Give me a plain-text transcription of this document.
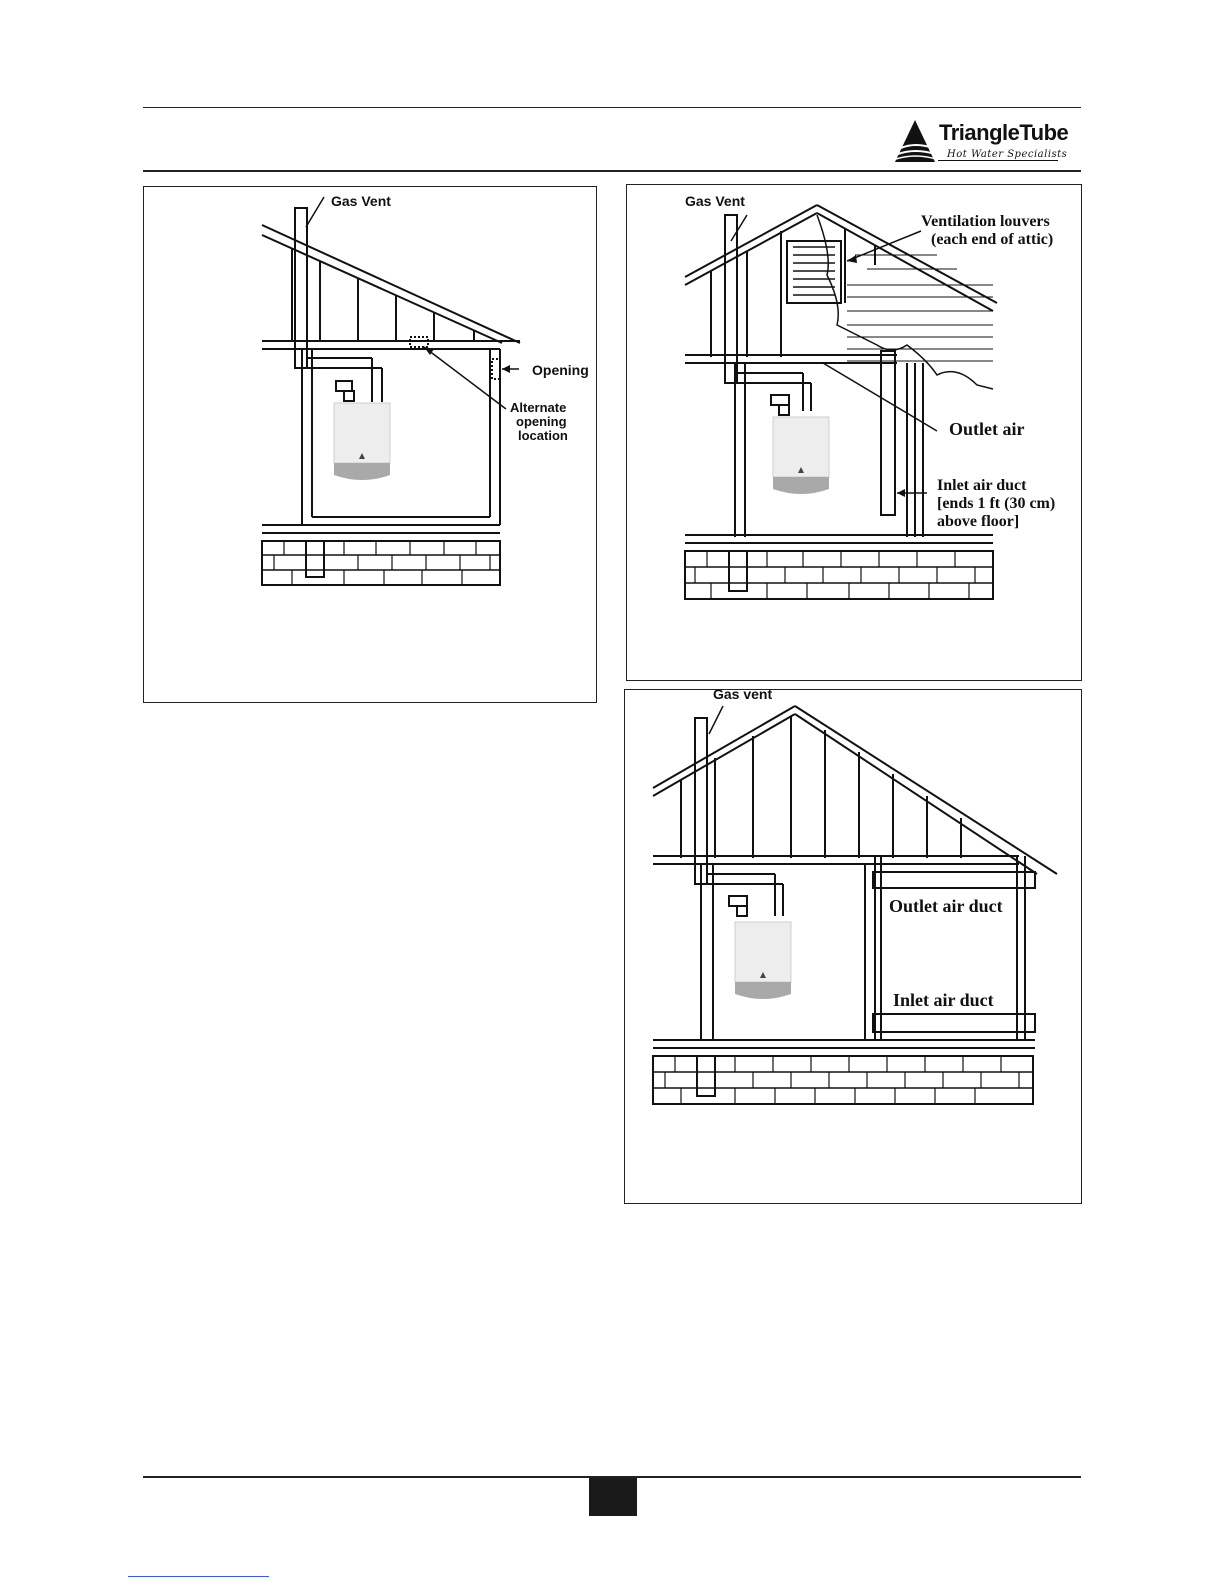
TriangleTube
Hot Water Specialists
Gas Vent
Opening
Alternate
opening
location
Gas Vent
Ventilation louvers
(each end of attic)
Outlet air
Inlet air duct
[ends 1 ft (30 cm)
above floor]
Gas vent
Outlet air duct
Inlet air duct
